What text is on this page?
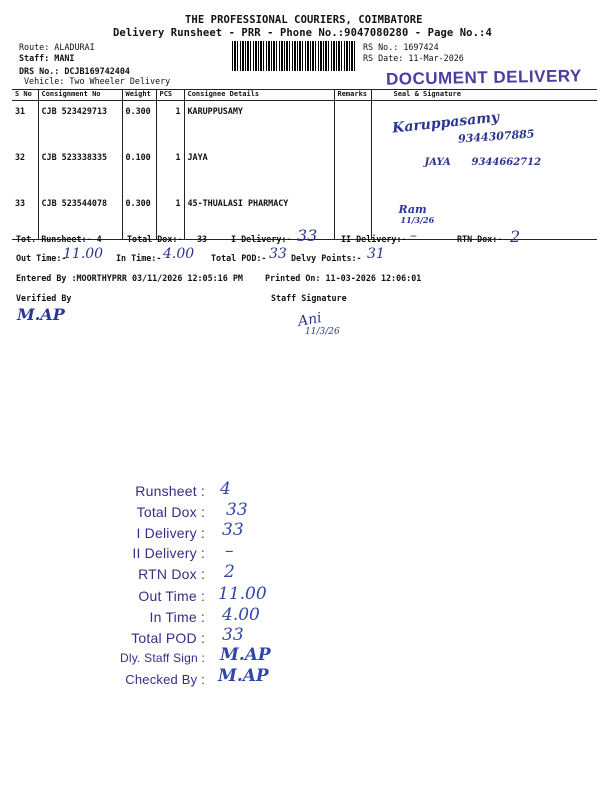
THE PROFESSIONAL COURIERS, COIMBATORE
Delivery Runsheet - PRR - Phone No.:9047080280 - Page No.:4
Route: ALADURAI
Staff: MANI
DRS No.: DCJB169742404
Vehicle: Two Wheeler Delivery
RS No.: 1697424
RS Date: 11-Mar-2026
DOCUMENT DELIVERY
S No	Consignment No	Weight	PCS	Consignee Details	Remarks	Seal & Signature
31	CJB 523429713	0.300	1	KARUPPUSAMY		Karuppasamy
9344307885

32	CJB 523338335	0.100	1	JAYA		JAYA 9344662712

33	CJB 523544078	0.300	1	45-THUALASI PHARMACY		Ram
11/3/26
Tot. Runsheet:- 4	Total Dox:- 33	I Delivery:- 33	II Delivery:- –	RTN Dox:- 2
Out Time:-
11.00 In Time:- 4.00 Total POD:- 33 Delvy Points:- 31
Entered By :MOORTHYPRR 03/11/2026 12:05:16 PM	Printed On: 11-03-2026 12:06:01
Verified By	Staff Signature
M.AP	Ani
11/3/26
Runsheet : 4
Total Dox : 33
I Delivery : 33
II Delivery : –
RTN Dox : 2
Out Time : 11.00
In Time : 4.00
Total POD : 33
Dly. Staff Sign : M.AP
Checked By : M.AP
